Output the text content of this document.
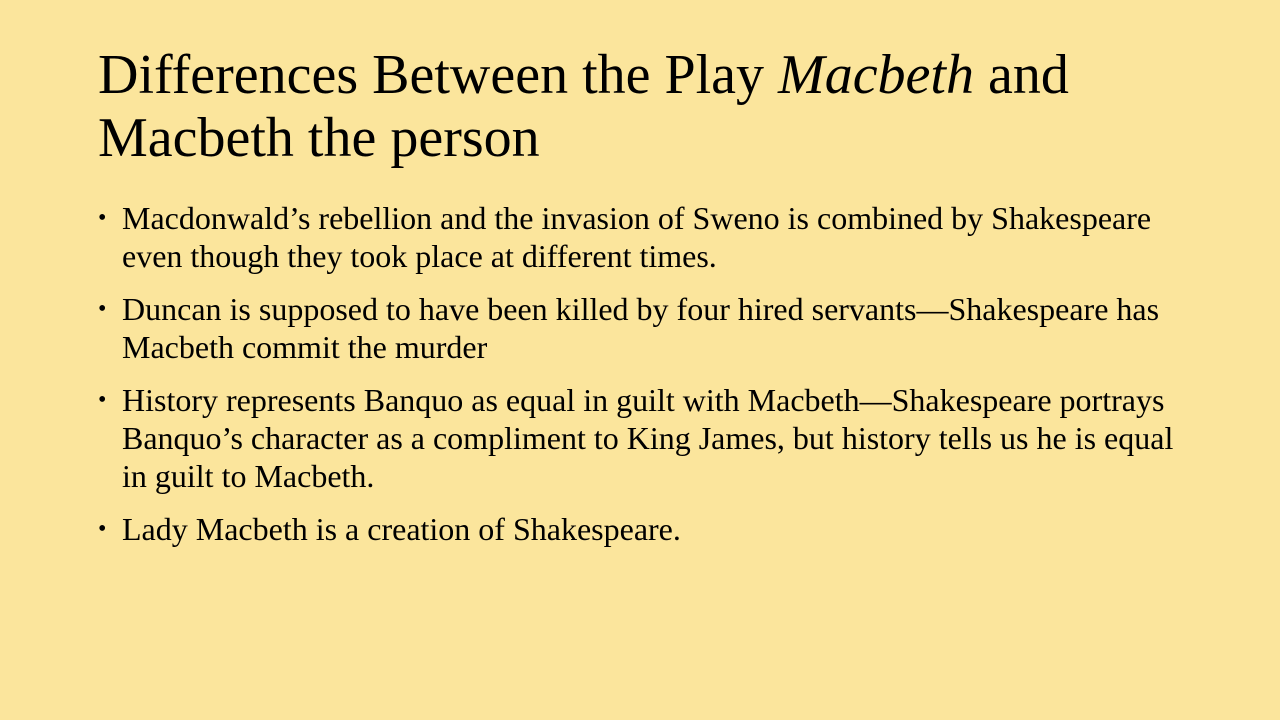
Differences Between the Play Macbeth and Macbeth the person
• Macdonwald’s rebellion and the invasion of Sweno is combined by Shakespeare even though they took place at different times.
• Duncan is supposed to have been killed by four hired servants—Shakespeare has Macbeth commit the murder
• History represents Banquo as equal in guilt with Macbeth—Shakespeare portrays Banquo’s character as a compliment to King James, but history tells us he is equal in guilt to Macbeth.
• Lady Macbeth is a creation of Shakespeare.
